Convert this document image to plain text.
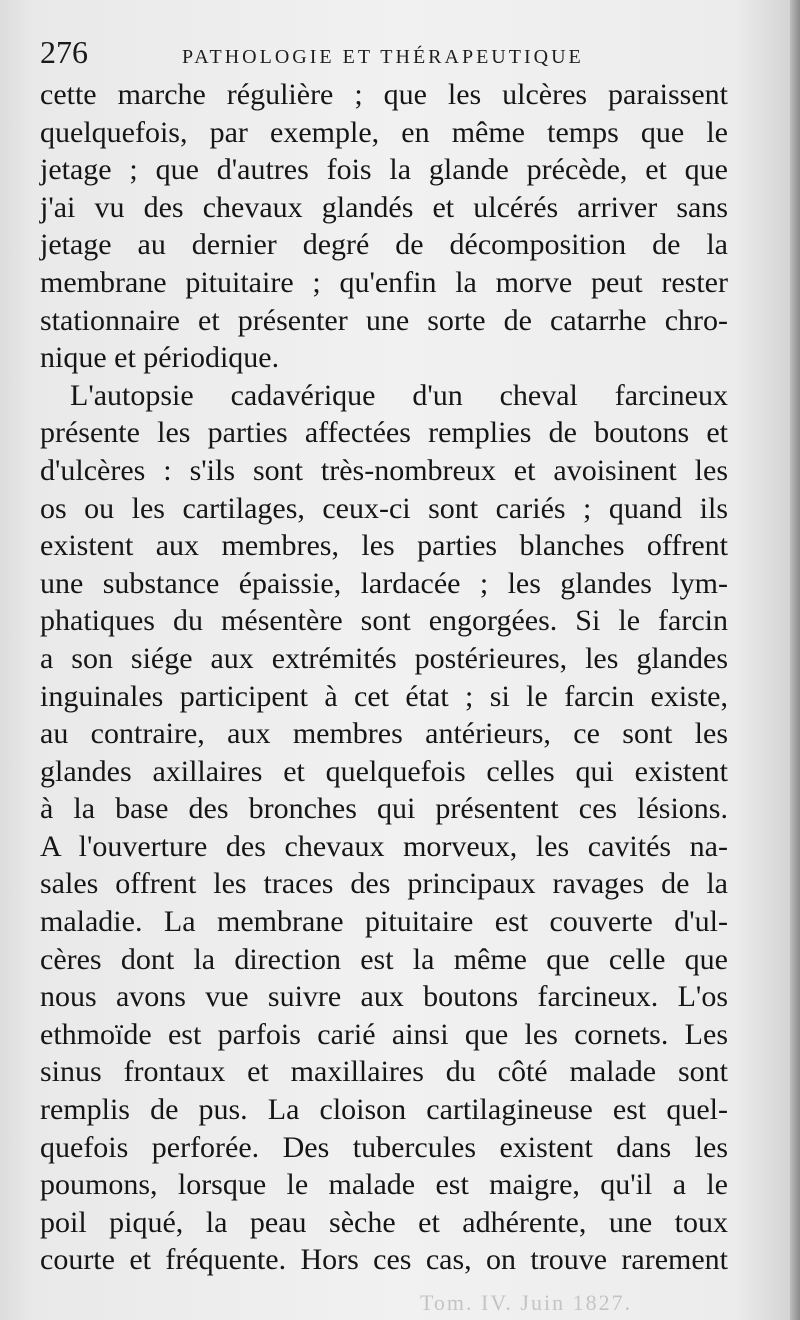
276	PATHOLOGIE ET THÉRAPEUTIQUE
cette marche régulière ; que les ulcères paraissent
quelquefois, par exemple, en même temps que le
jetage ; que d'autres fois la glande précède, et que
j'ai vu des chevaux glandés et ulcérés arriver sans
jetage au dernier degré de décomposition de la
membrane pituitaire ; qu'enfin la morve peut rester
stationnaire et présenter une sorte de catarrhe chro-
nique et périodique.
L'autopsie cadavérique d'un cheval farcineux
présente les parties affectées remplies de boutons et
d'ulcères : s'ils sont très-nombreux et avoisinent les
os ou les cartilages, ceux-ci sont cariés ; quand ils
existent aux membres, les parties blanches offrent
une substance épaissie, lardacée ; les glandes lym-
phatiques du mésentère sont engorgées. Si le farcin
a son siége aux extrémités postérieures, les glandes
inguinales participent à cet état ; si le farcin existe,
au contraire, aux membres antérieurs, ce sont les
glandes axillaires et quelquefois celles qui existent
à la base des bronches qui présentent ces lésions.
A l'ouverture des chevaux morveux, les cavités na-
sales offrent les traces des principaux ravages de la
maladie. La membrane pituitaire est couverte d'ul-
cères dont la direction est la même que celle que
nous avons vue suivre aux boutons farcineux. L'os
ethmoïde est parfois carié ainsi que les cornets. Les
sinus frontaux et maxillaires du côté malade sont
remplis de pus. La cloison cartilagineuse est quel-
quefois perforée. Des tubercules existent dans les
poumons, lorsque le malade est maigre, qu'il a le
poil piqué, la peau sèche et adhérente, une toux
courte et fréquente. Hors ces cas, on trouve rarement
Tom. IV. Juin 1827.
